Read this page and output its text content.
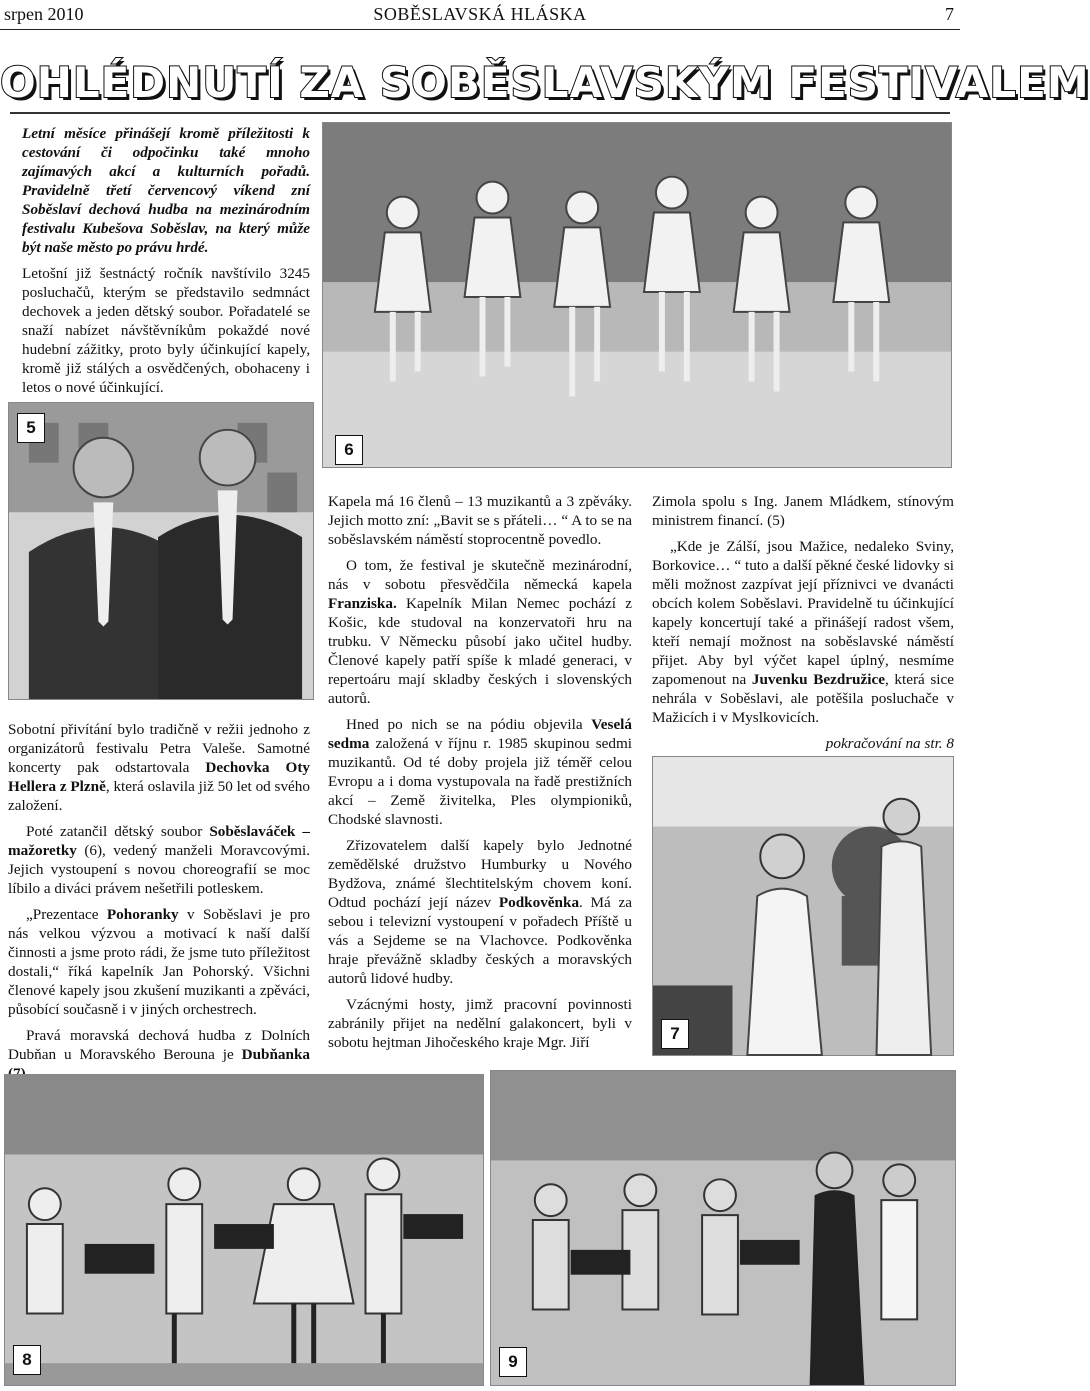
srpen 2010	SOBĚSLAVSKÁ HLÁSKA	7
OHLÉDNUTÍ ZA SOBĚSLAVSKÝM FESTIVALEM

Letní měsíce přinášejí kromě příležitosti k cestování či odpočinku také mnoho zajímavých akcí a kulturních pořadů. Pravidelně třetí červencový víkend zní Soběslaví dechová hudba na mezinárodním festivalu Kubešova Soběslav, na který může být naše město po právu hrdé.

Letošní již šestnáctý ročník navštívilo 3245 posluchačů, kterým se představilo sedmnáct dechovek a jeden dětský soubor. Pořadatelé se snaží nabízet návštěvníkům pokaždé nové hudební zážitky, proto byly účinkující kapely, kromě již stálých a osvědčených, obohaceny i letos o nové účinkující.

6
5

Sobotní přivítání bylo tradičně v režii jednoho z organizátorů festivalu Petra Valeše. Samotné koncerty pak odstartovala Dechovka Oty Hellera z Plzně, která oslavila již 50 let od svého založení.

Poté zatančil dětský soubor Soběslaváček – mažoretky (6), vedený manželi Moravcovými. Jejich vystoupení s novou choreografií se moc líbilo a diváci právem nešetřili potleskem.

„Prezentace Pohoranky v Soběslavi je pro nás velkou výzvou a motivací k naší další činnosti a jsme proto rádi, že jsme tuto příležitost dostali,“ říká kapelník Jan Pohorský. Všichni členové kapely jsou zkušení muzikanti a zpěváci, působící současně i v jiných orchestrech.

Pravá moravská dechová hudba z Dolních Dubňan u Moravského Berouna je Dubňanka

Kapela má 16 členů – 13 muzikantů a 3 zpěváky. Jejich motto zní: „Bavit se s přáteli… “ A to se na soběslavském náměstí stoprocentně povedlo.

O tom, že festival je skutečně mezinárodní, nás v sobotu přesvědčila německá kapela Franziska. Kapelník Milan Nemec pochází z Košic, kde studoval na konzervatoři hru na trubku. V Německu působí jako učitel hudby. Členové kapely patří spíše k mladé generaci, v repertoáru mají skladby českých i slovenských autorů.

Hned po nich se na pódiu objevila Veselá sedma založená v říjnu r. 1985 skupinou sedmi muzikantů. Od té doby projela již téměř celou Evropu a i doma vystupovala na řadě prestižních akcí – Země živitelka, Ples olympioniků, Chodské slavnosti.

Zřizovatelem další kapely bylo Jednotné zemědělské družstvo Humburky u Nového Bydžova, známé šlechtitelským chovem koní. Odtud pochází její název Podkověnka. Má za sebou i televizní vystoupení v pořadech Příště u vás a Sejdeme se na Vlachovce. Podkověnka hraje převážně skladby českých a moravských autorů lidové hudby.

Vzácnými hosty, jimž pracovní povinnosti zabránily přijet na nedělní galakoncert, byli v sobotu hejtman Jihočeského kraje Mgr. Jiří

Zimola spolu s Ing. Janem Mládkem, stínovým ministrem financí. (5)

„Kde je Zálší, jsou Mažice, nedaleko Sviny, Borkovice… “ tuto a další pěkné české lidovky si měli možnost zazpívat její příznivci ve dvanácti obcích kolem Soběslavi. Pravidelně tu účinkující kapely koncertují také a přinášejí radost všem, kteří nemají možnost na soběslavské náměstí přijet. Aby byl výčet kapel úplný, nesmíme zapomenout na Juvenku Bezdružice, která sice nehrála v Soběslavi, ale potěšila posluchače v Mažicích i v Myslkovicích.

pokračování na str. 8

7
8	9
